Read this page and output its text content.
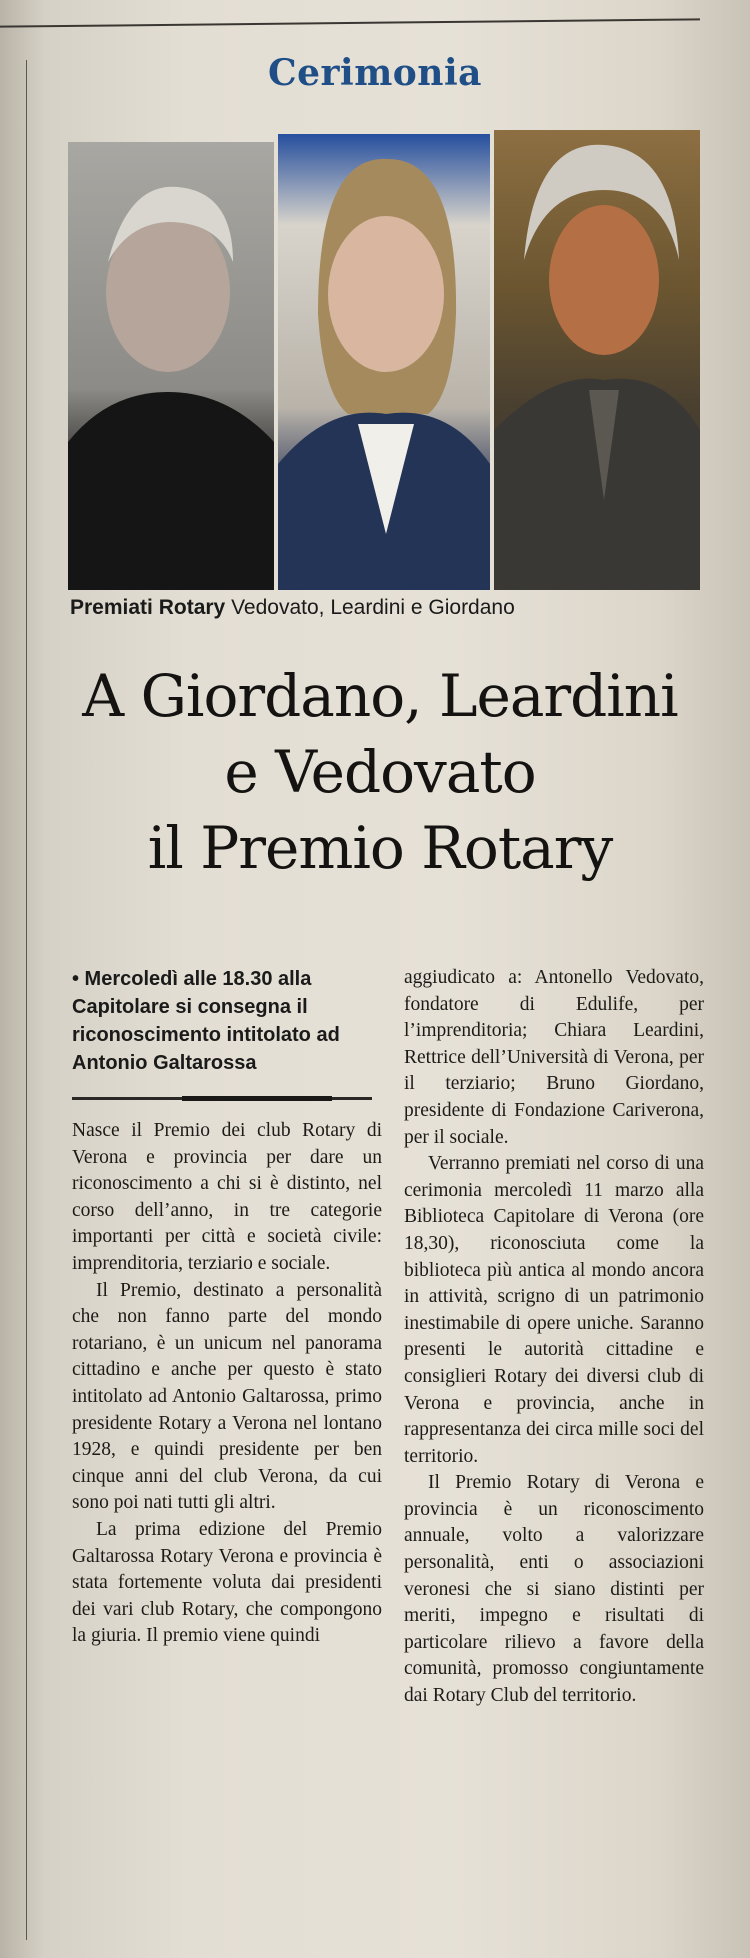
Cerimonia
Premiati Rotary Vedovato, Leardini e Giordano
A Giordano, Leardini
e Vedovato
il Premio Rotary
• Mercoledì alle 18.30 alla Capitolare si consegna il riconoscimento intitolato ad Antonio Galtarossa

Nasce il Premio dei club Rotary di Verona e provincia per dare un riconoscimento a chi si è distinto, nel corso dell’anno, in tre categorie importanti per città e società civile: imprenditoria, terziario e sociale.

Il Premio, destinato a personalità che non fanno parte del mondo rotariano, è un unicum nel panorama cittadino e anche per questo è stato intitolato ad Antonio Galtarossa, primo presidente Rotary a Verona nel lontano 1928, e quindi presidente per ben cinque anni del club Verona, da cui sono poi nati tutti gli altri.

La prima edizione del Premio Galtarossa Rotary Verona e provincia è stata fortemente voluta dai presidenti dei vari club Rotary, che compongono la giuria. Il premio viene quindi

aggiudicato a: Antonello Vedovato, fondatore di Edulife, per l’imprenditoria; Chiara Leardini, Rettrice dell’Università di Verona, per il terziario; Bruno Giordano, presidente di Fondazione Cariverona, per il sociale.

Verranno premiati nel corso di una cerimonia mercoledì 11 marzo alla Biblioteca Capitolare di Verona (ore 18,30), riconosciuta come la biblioteca più antica al mondo ancora in attività, scrigno di un patrimonio inestimabile di opere uniche. Saranno presenti le autorità cittadine e consiglieri Rotary dei diversi club di Verona e provincia, anche in rappresentanza dei circa mille soci del territorio.

Il Premio Rotary di Verona e provincia è un riconoscimento annuale, volto a valorizzare personalità, enti o associazioni veronesi che si siano distinti per meriti, impegno e risultati di particolare rilievo a favore della comunità, promosso congiuntamente dai Rotary Club del territorio.
